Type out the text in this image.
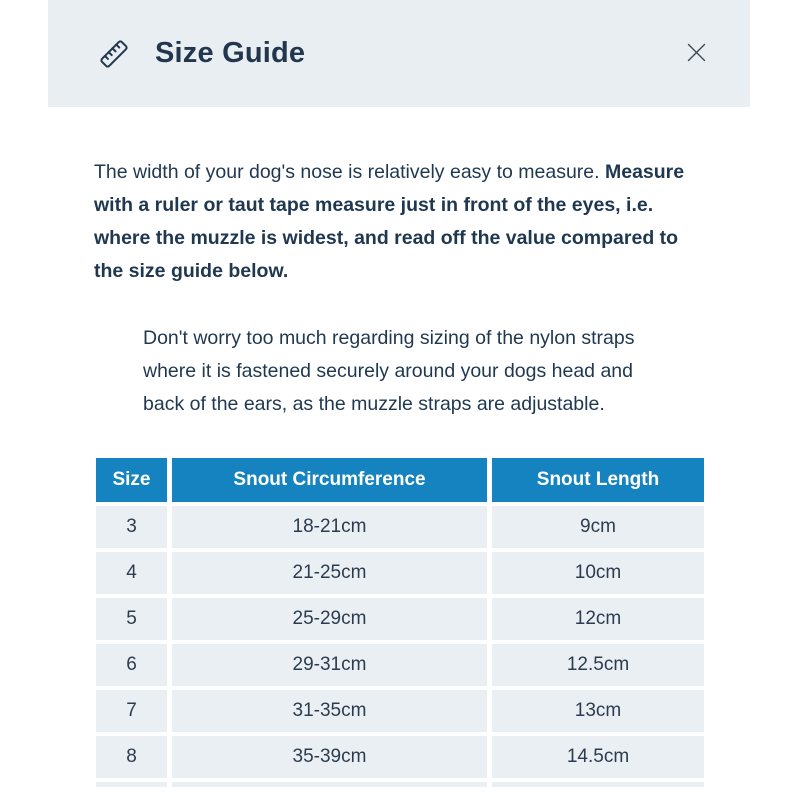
Size Guide

The width of your dog's nose is relatively easy to measure. Measure with a ruler or taut tape measure just in front of the eyes, i.e. where the muzzle is widest, and read off the value compared to the size guide below.

Don't worry too much regarding sizing of the nylon straps where it is fastened securely around your dogs head and back of the ears, as the muzzle straps are adjustable.

Size	Snout Circumference	Snout Length
3	18-21cm	9cm
4	21-25cm	10cm
5	25-29cm	12cm
6	29-31cm	12.5cm
7	31-35cm	13cm
8	35-39cm	14.5cm
